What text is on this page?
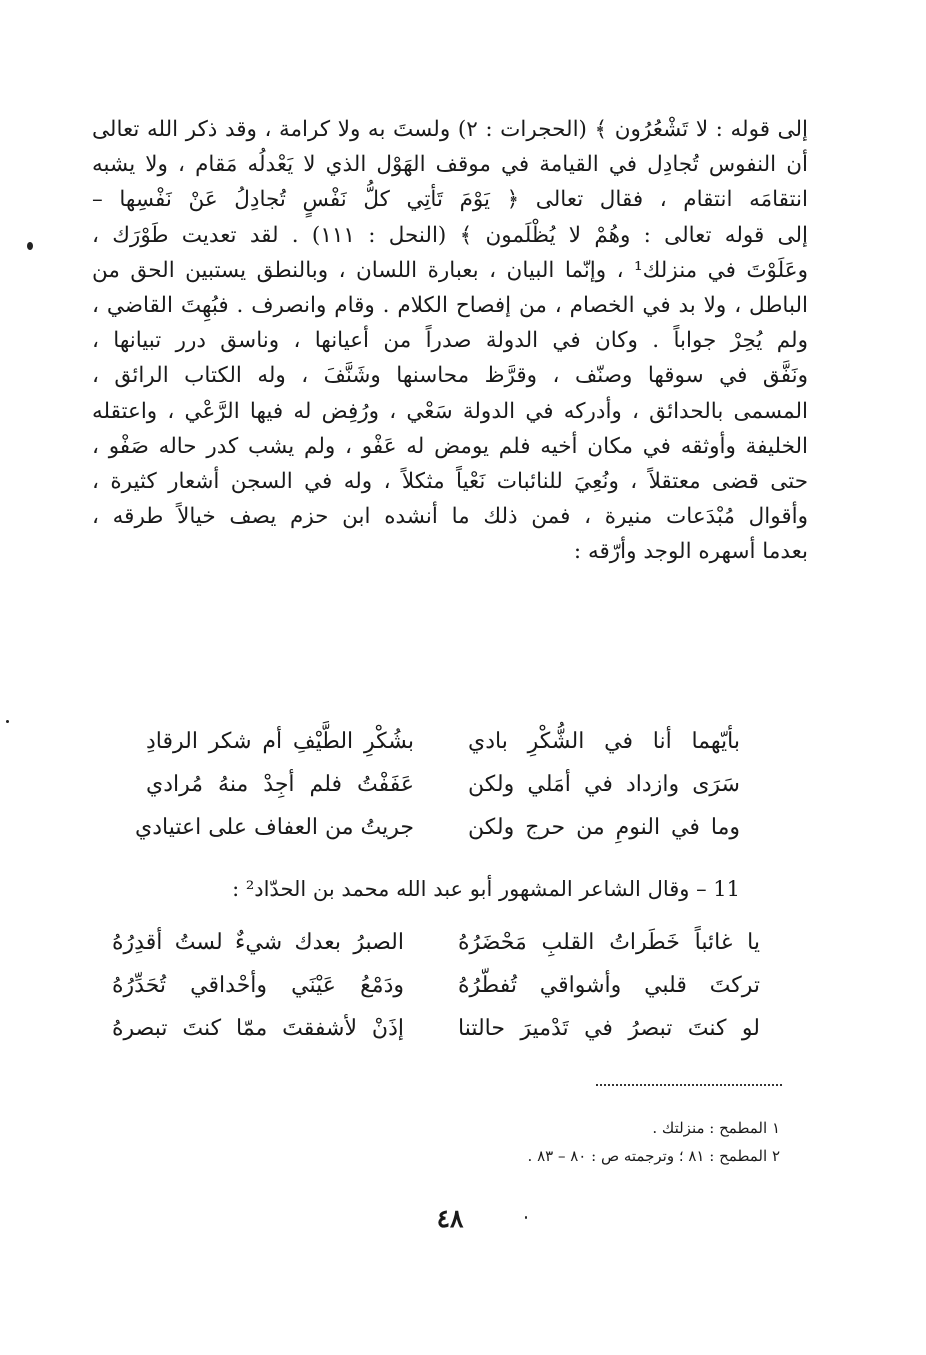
إلى قوله : لا تَشْعُرُون ﴾ (الحجرات : ٢) ولستَ به ولا كرامة ، وقد ذكر الله تعالى
أن النفوس تُجادِل في القيامة في موقف الهَوْل الذي لا يَعْدلُه مَقام ، ولا يشبه
انتقامَه انتقام ، فقال تعالى ﴿ يَوْمَ تَأتِي كلُّ نَفْسٍ تُجادِلُ عَنْ نَفْسِها –
إلى قوله تعالى : وهُمْ لا يُظْلَمون ﴾ (النحل : ١١١) . لقد تعديت طَوْرَك ،
وعَلَوْتَ في منزلك¹ ، وإنّما البيان ، بعبارة اللسان ، وبالنطق يستبين الحق من
الباطل ، ولا بد في الخصام ، من إفصاح الكلام . وقام وانصرف . فبُهِتَ القاضي ،
ولم يُحِرْ جواباً . وكان في الدولة صدراً من أعيانها ، وناسق درر تبيانها ،
ونَفَّق في سوقها وصنّف ، وقرَّظ محاسنها وشَنَّفَ ، وله الكتاب الرائق ،
المسمى بالحدائق ، وأدركه في الدولة سَعْي ، ورُفِض له فيها الرَّعْي ، واعتقله
الخليفة وأوثقه في مكان أخيه فلم يومض له عَفْو ، ولم يشب كدر حاله صَفْو ،
حتى قضى معتقلاً ، ونُعِيَ للنائبات نَعْياً مثكلاً ، وله في السجن أشعار كثيرة ،
وأقوال مُبْدَعات منيرة ، فمن ذلك ما أنشده ابن حزم يصف خيالاً طرقه ،
بعدما أسهره الوجد وأرّقه :
بأيّهما أنا في الشُّكْرِ بادي
بشُكْرِ الطَّيْفِ أم شكر الرقادِ
سَرَى وازداد في أمَلي ولكن
عَفَفْتُ فلم أجِدْ منهُ مُرادي
وما في النومِ من حرج ولكن
جريتُ من العفاف على اعتيادي
11 – وقال الشاعر المشهور أبو عبد الله محمد بن الحدّاد² :
يا غائباً خَطَراتُ القلبِ مَحْضَرُهُ
الصبرُ بعدك شيءٌ لستُ أقدِرُهُ
تركتَ قلبي وأشواقي تُفطّرُهُ
ودَمْعُ عَيْنَي وأحْداقي تُحَدِّرُهُ
لو كنتَ تبصرُ في تَدْميرَ حالتنا
إذَنْ لأشفقتَ ممّا كنتَ تبصرهُ
١ المطمح : منزلتك .
٢ المطمح : ٨١ ؛ وترجمته ص : ٨٠ – ٨٣ .
٤٨
